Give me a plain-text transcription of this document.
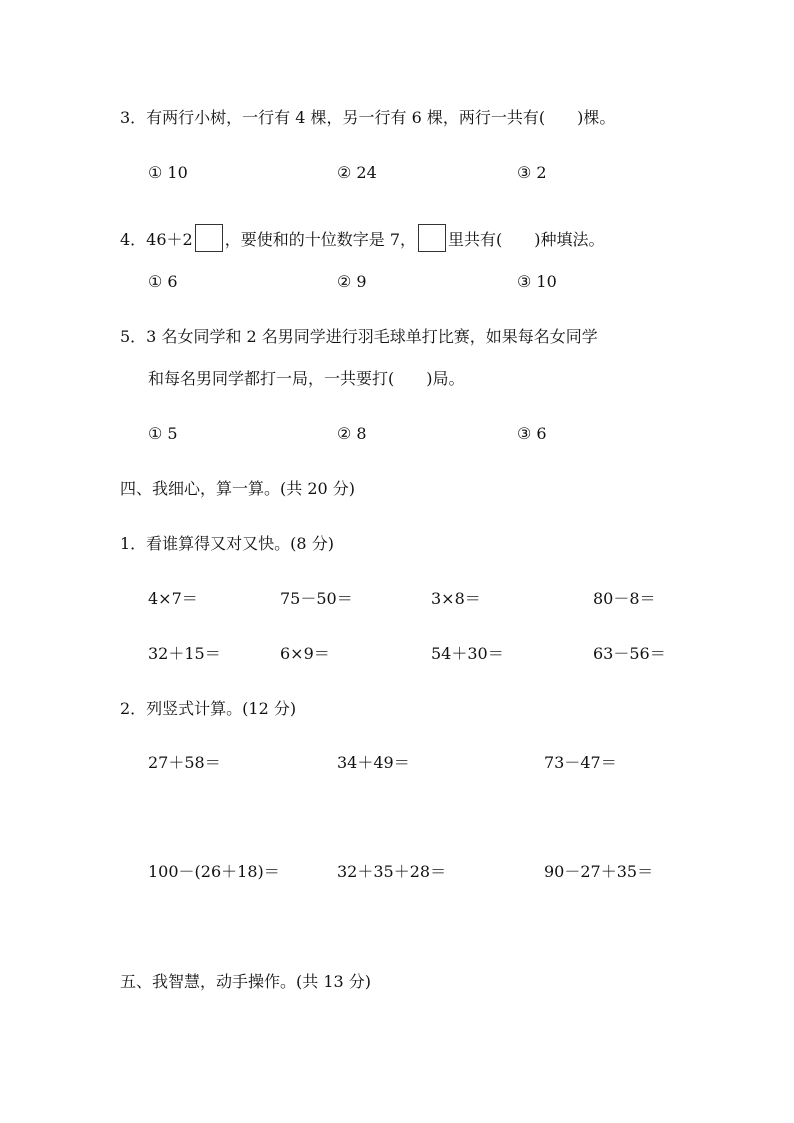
3．有两行小树，一行有 4 棵，另一行有 6 棵，两行一共有(　　)棵。
① 10	② 24	③ 2
4．46＋2 ，要使和的十位数字是 7， 里共有(　　)种填法。
① 6	② 9	③ 10
5．3 名女同学和 2 名男同学进行羽毛球单打比赛，如果每名女同学
和每名男同学都打一局，一共要打(　　)局。
① 5	② 8	③ 6
四、我细心，算一算。(共 20 分)
1．看谁算得又对又快。(8 分)
4×7＝	75－50＝	3×8＝	80－8＝
32＋15＝	6×9＝	54＋30＝	63－56＝
2．列竖式计算。(12 分)
27＋58＝	34＋49＝	73－47＝
100－(26＋18)＝	32＋35＋28＝	90－27＋35＝
五、我智慧，动手操作。(共 13 分)
